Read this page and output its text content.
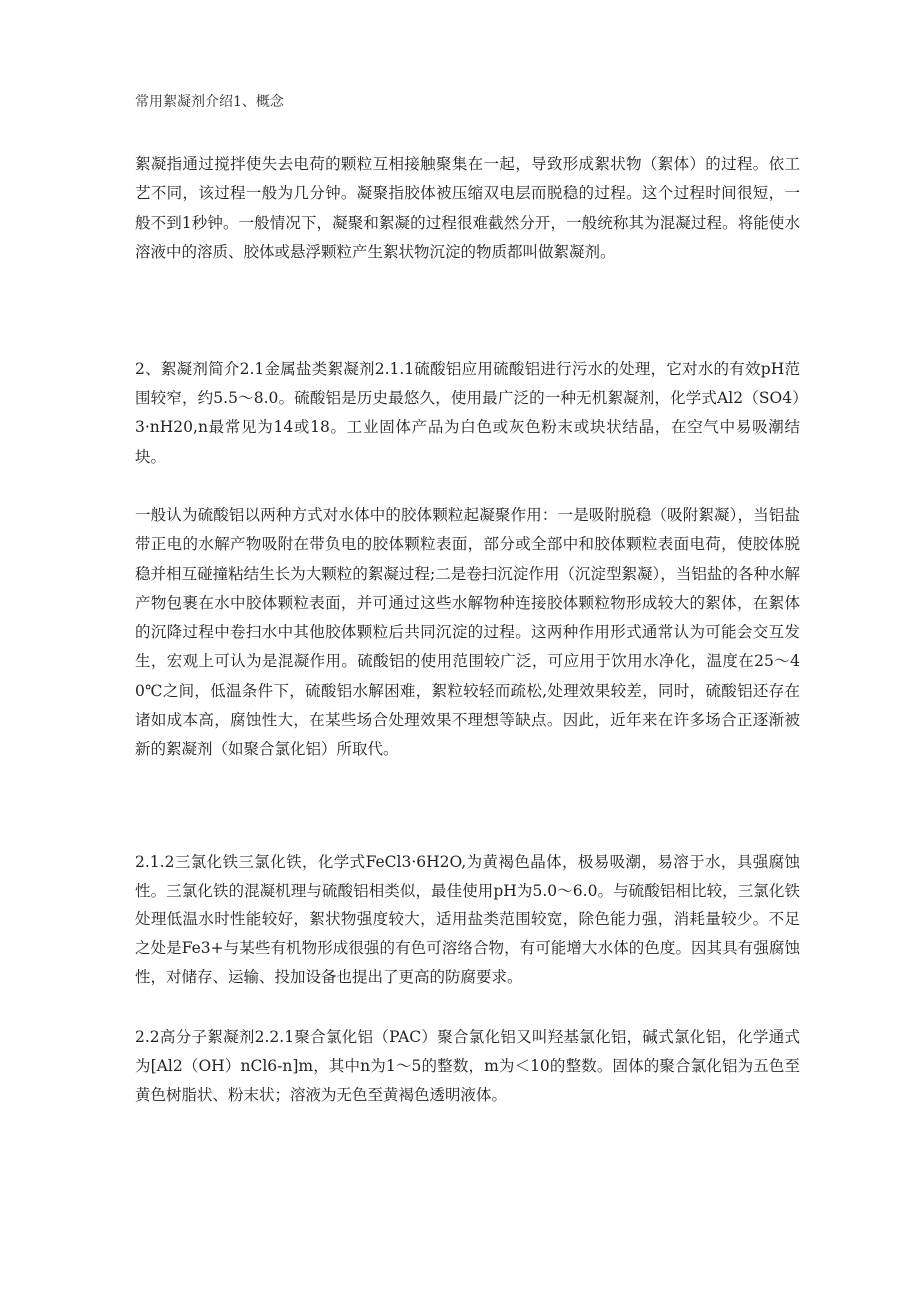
常用絮凝剂介绍1、概念

絮凝指通过搅拌使失去电荷的颗粒互相接触聚集在一起，导致形成絮状物（絮体）的过程。依工艺不同，该过程一般为几分钟。凝聚指胶体被压缩双电层而脱稳的过程。这个过程时间很短，一般不到1秒钟。一般情况下，凝聚和絮凝的过程很难截然分开，一般统称其为混凝过程。将能使水溶液中的溶质、胶体或悬浮颗粒产生絮状物沉淀的物质都叫做絮凝剂。

2、絮凝剂简介2.1金属盐类絮凝剂2.1.1硫酸铝应用硫酸铝进行污水的处理，它对水的有效pH范围较窄，约5.5～8.0。硫酸铝是历史最悠久，使用最广泛的一种无机絮凝剂，化学式Al2（SO4）3·nH20,n最常见为14或18。工业固体产品为白色或灰色粉末或块状结晶，在空气中易吸潮结块。

一般认为硫酸铝以两种方式对水体中的胶体颗粒起凝聚作用：一是吸附脱稳（吸附絮凝），当铝盐带正电的水解产物吸附在带负电的胶体颗粒表面，部分或全部中和胶体颗粒表面电荷，使胶体脱稳并相互碰撞粘结生长为大颗粒的絮凝过程;二是卷扫沉淀作用（沉淀型絮凝），当铝盐的各种水解产物包裹在水中胶体颗粒表面，并可通过这些水解物种连接胶体颗粒物形成较大的絮体，在絮体的沉降过程中卷扫水中其他胶体颗粒后共同沉淀的过程。这两种作用形式通常认为可能会交互发生，宏观上可认为是混凝作用。硫酸铝的使用范围较广泛，可应用于饮用水净化，温度在25～40℃之间，低温条件下，硫酸铝水解困难，絮粒较轻而疏松,处理效果较差，同时，硫酸铝还存在诸如成本高，腐蚀性大，在某些场合处理效果不理想等缺点。因此，近年来在许多场合正逐渐被新的絮凝剂（如聚合氯化铝）所取代。

2.1.2三氯化铁三氯化铁，化学式FeCl3·6H2O,为黄褐色晶体，极易吸潮，易溶于水，具强腐蚀性。三氯化铁的混凝机理与硫酸铝相类似，最佳使用pH为5.0～6.0。与硫酸铝相比较，三氯化铁处理低温水时性能较好，絮状物强度较大，适用盐类范围较宽，除色能力强，消耗量较少。不足之处是Fe3+与某些有机物形成很强的有色可溶络合物，有可能增大水体的色度。因其具有强腐蚀性，对储存、运输、投加设备也提出了更高的防腐要求。

2.2高分子絮凝剂2.2.1聚合氯化铝（PAC）聚合氯化铝又叫羟基氯化铝，碱式氯化铝，化学通式为[Al2（OH）nCl6-n]m，其中n为1～5的整数，m为＜10的整数。固体的聚合氯化铝为五色至黄色树脂状、粉末状；溶液为无色至黄褐色透明液体。
